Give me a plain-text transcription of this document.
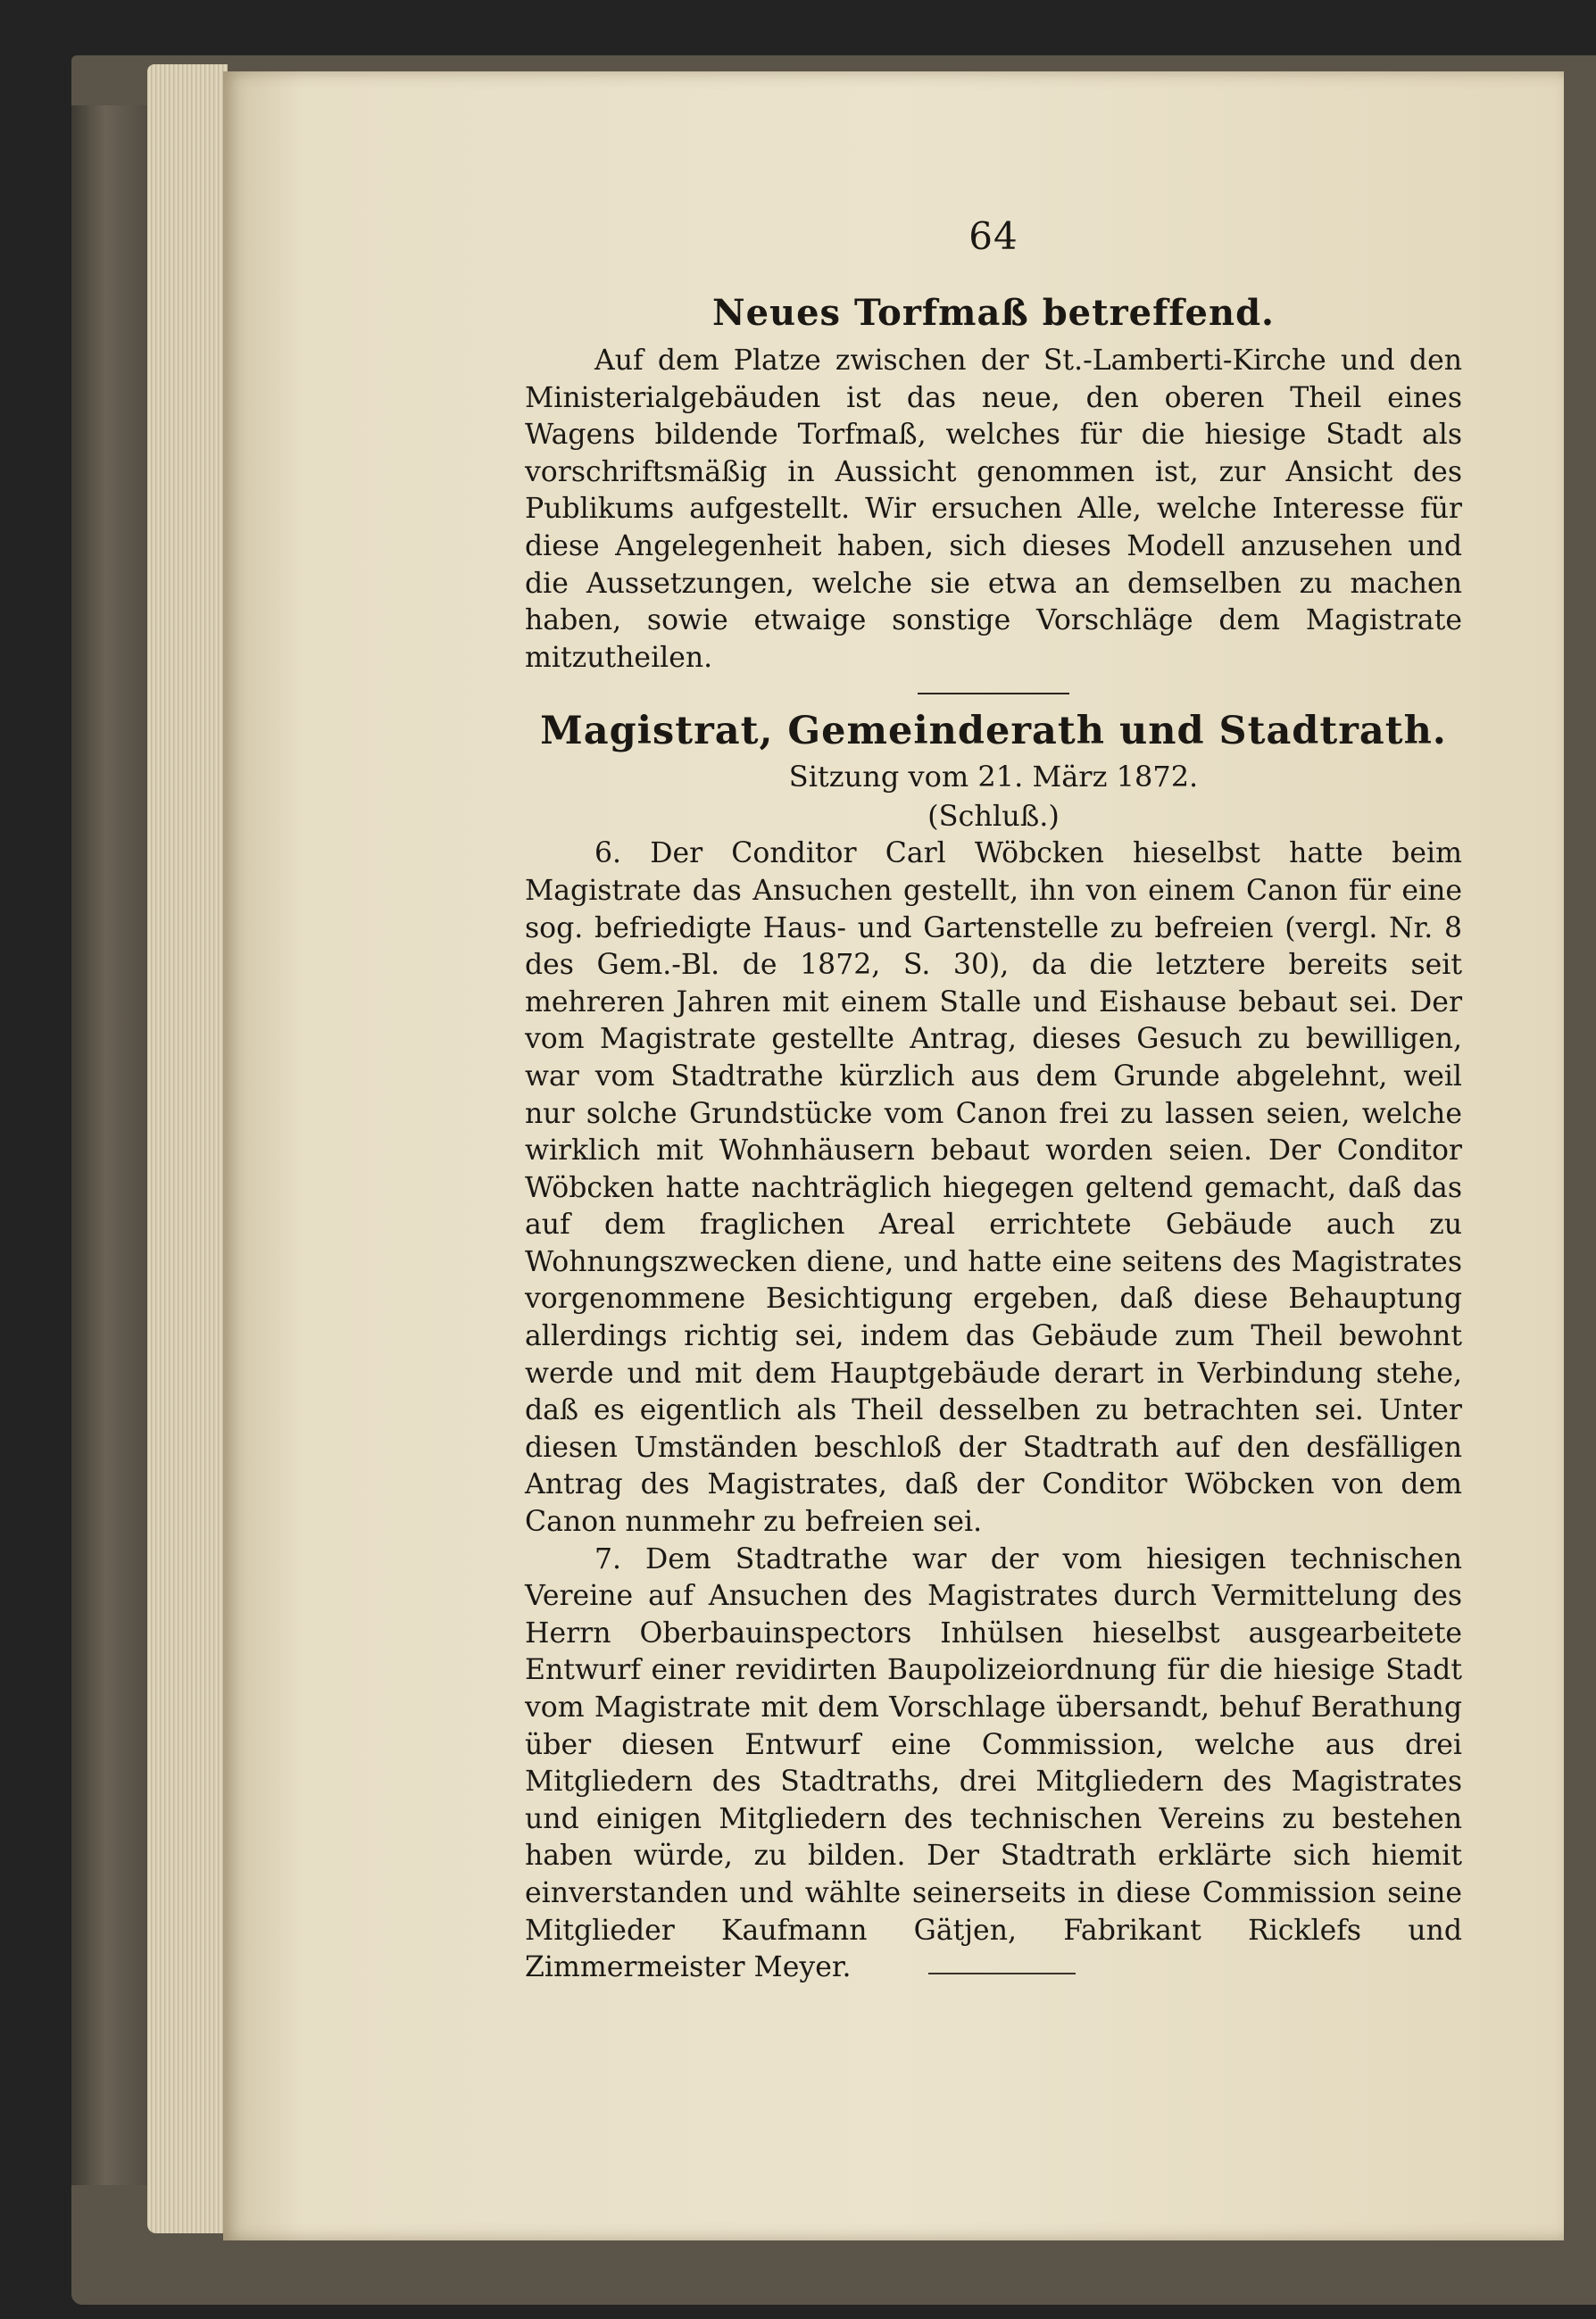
64
Neues Torfmaß betreffend.

Auf dem Platze zwischen der St.-Lamberti-Kirche und den Ministerialgebäuden ist das neue, den oberen Theil eines Wagens bildende Torfmaß, welches für die hiesige Stadt als vorschriftsmäßig in Aussicht genommen ist, zur Ansicht des Publikums aufgestellt. Wir ersuchen Alle, welche Interesse für diese Angelegenheit haben, sich dieses Modell anzusehen und die Aussetzungen, welche sie etwa an demselben zu machen haben, sowie etwaige sonstige Vorschläge dem Magistrate mitzutheilen.

Magistrat, Gemeinderath und Stadtrath.

Sitzung vom 21. März 1872.

(Schluß.)

6. Der Conditor Carl Wöbcken hieselbst hatte beim Magistrate das Ansuchen gestellt, ihn von einem Canon für eine sog. befriedigte Haus- und Gartenstelle zu befreien (vergl. Nr. 8 des Gem.-Bl. de 1872, S. 30), da die letztere bereits seit mehreren Jahren mit einem Stalle und Eishause bebaut sei. Der vom Magistrate gestellte Antrag, dieses Gesuch zu bewilligen, war vom Stadtrathe kürzlich aus dem Grunde abgelehnt, weil nur solche Grundstücke vom Canon frei zu lassen seien, welche wirklich mit Wohnhäusern bebaut worden seien. Der Conditor Wöbcken hatte nachträglich hiegegen geltend gemacht, daß das auf dem fraglichen Areal errichtete Gebäude auch zu Wohnungszwecken diene, und hatte eine seitens des Magistrates vorgenommene Besichtigung ergeben, daß diese Behauptung allerdings richtig sei, indem das Gebäude zum Theil bewohnt werde und mit dem Hauptgebäude derart in Verbindung stehe, daß es eigentlich als Theil desselben zu betrachten sei. Unter diesen Umständen beschloß der Stadtrath auf den desfälligen Antrag des Magistrates, daß der Conditor Wöbcken von dem Canon nunmehr zu befreien sei.

7. Dem Stadtrathe war der vom hiesigen technischen Vereine auf Ansuchen des Magistrates durch Vermittelung des Herrn Oberbauinspectors Inhülsen hieselbst ausgearbeitete Entwurf einer revidirten Baupolizeiordnung für die hiesige Stadt vom Magistrate mit dem Vorschlage übersandt, behuf Berathung über diesen Entwurf eine Commission, welche aus drei Mitgliedern des Stadtraths, drei Mitgliedern des Magistrates und einigen Mitgliedern des technischen Vereins zu bestehen haben würde, zu bilden. Der Stadtrath erklärte sich hiemit einverstanden und wählte seinerseits in diese Commission seine Mitglieder Kaufmann Gätjen, Fabrikant Ricklefs und Zimmermeister Meyer.
